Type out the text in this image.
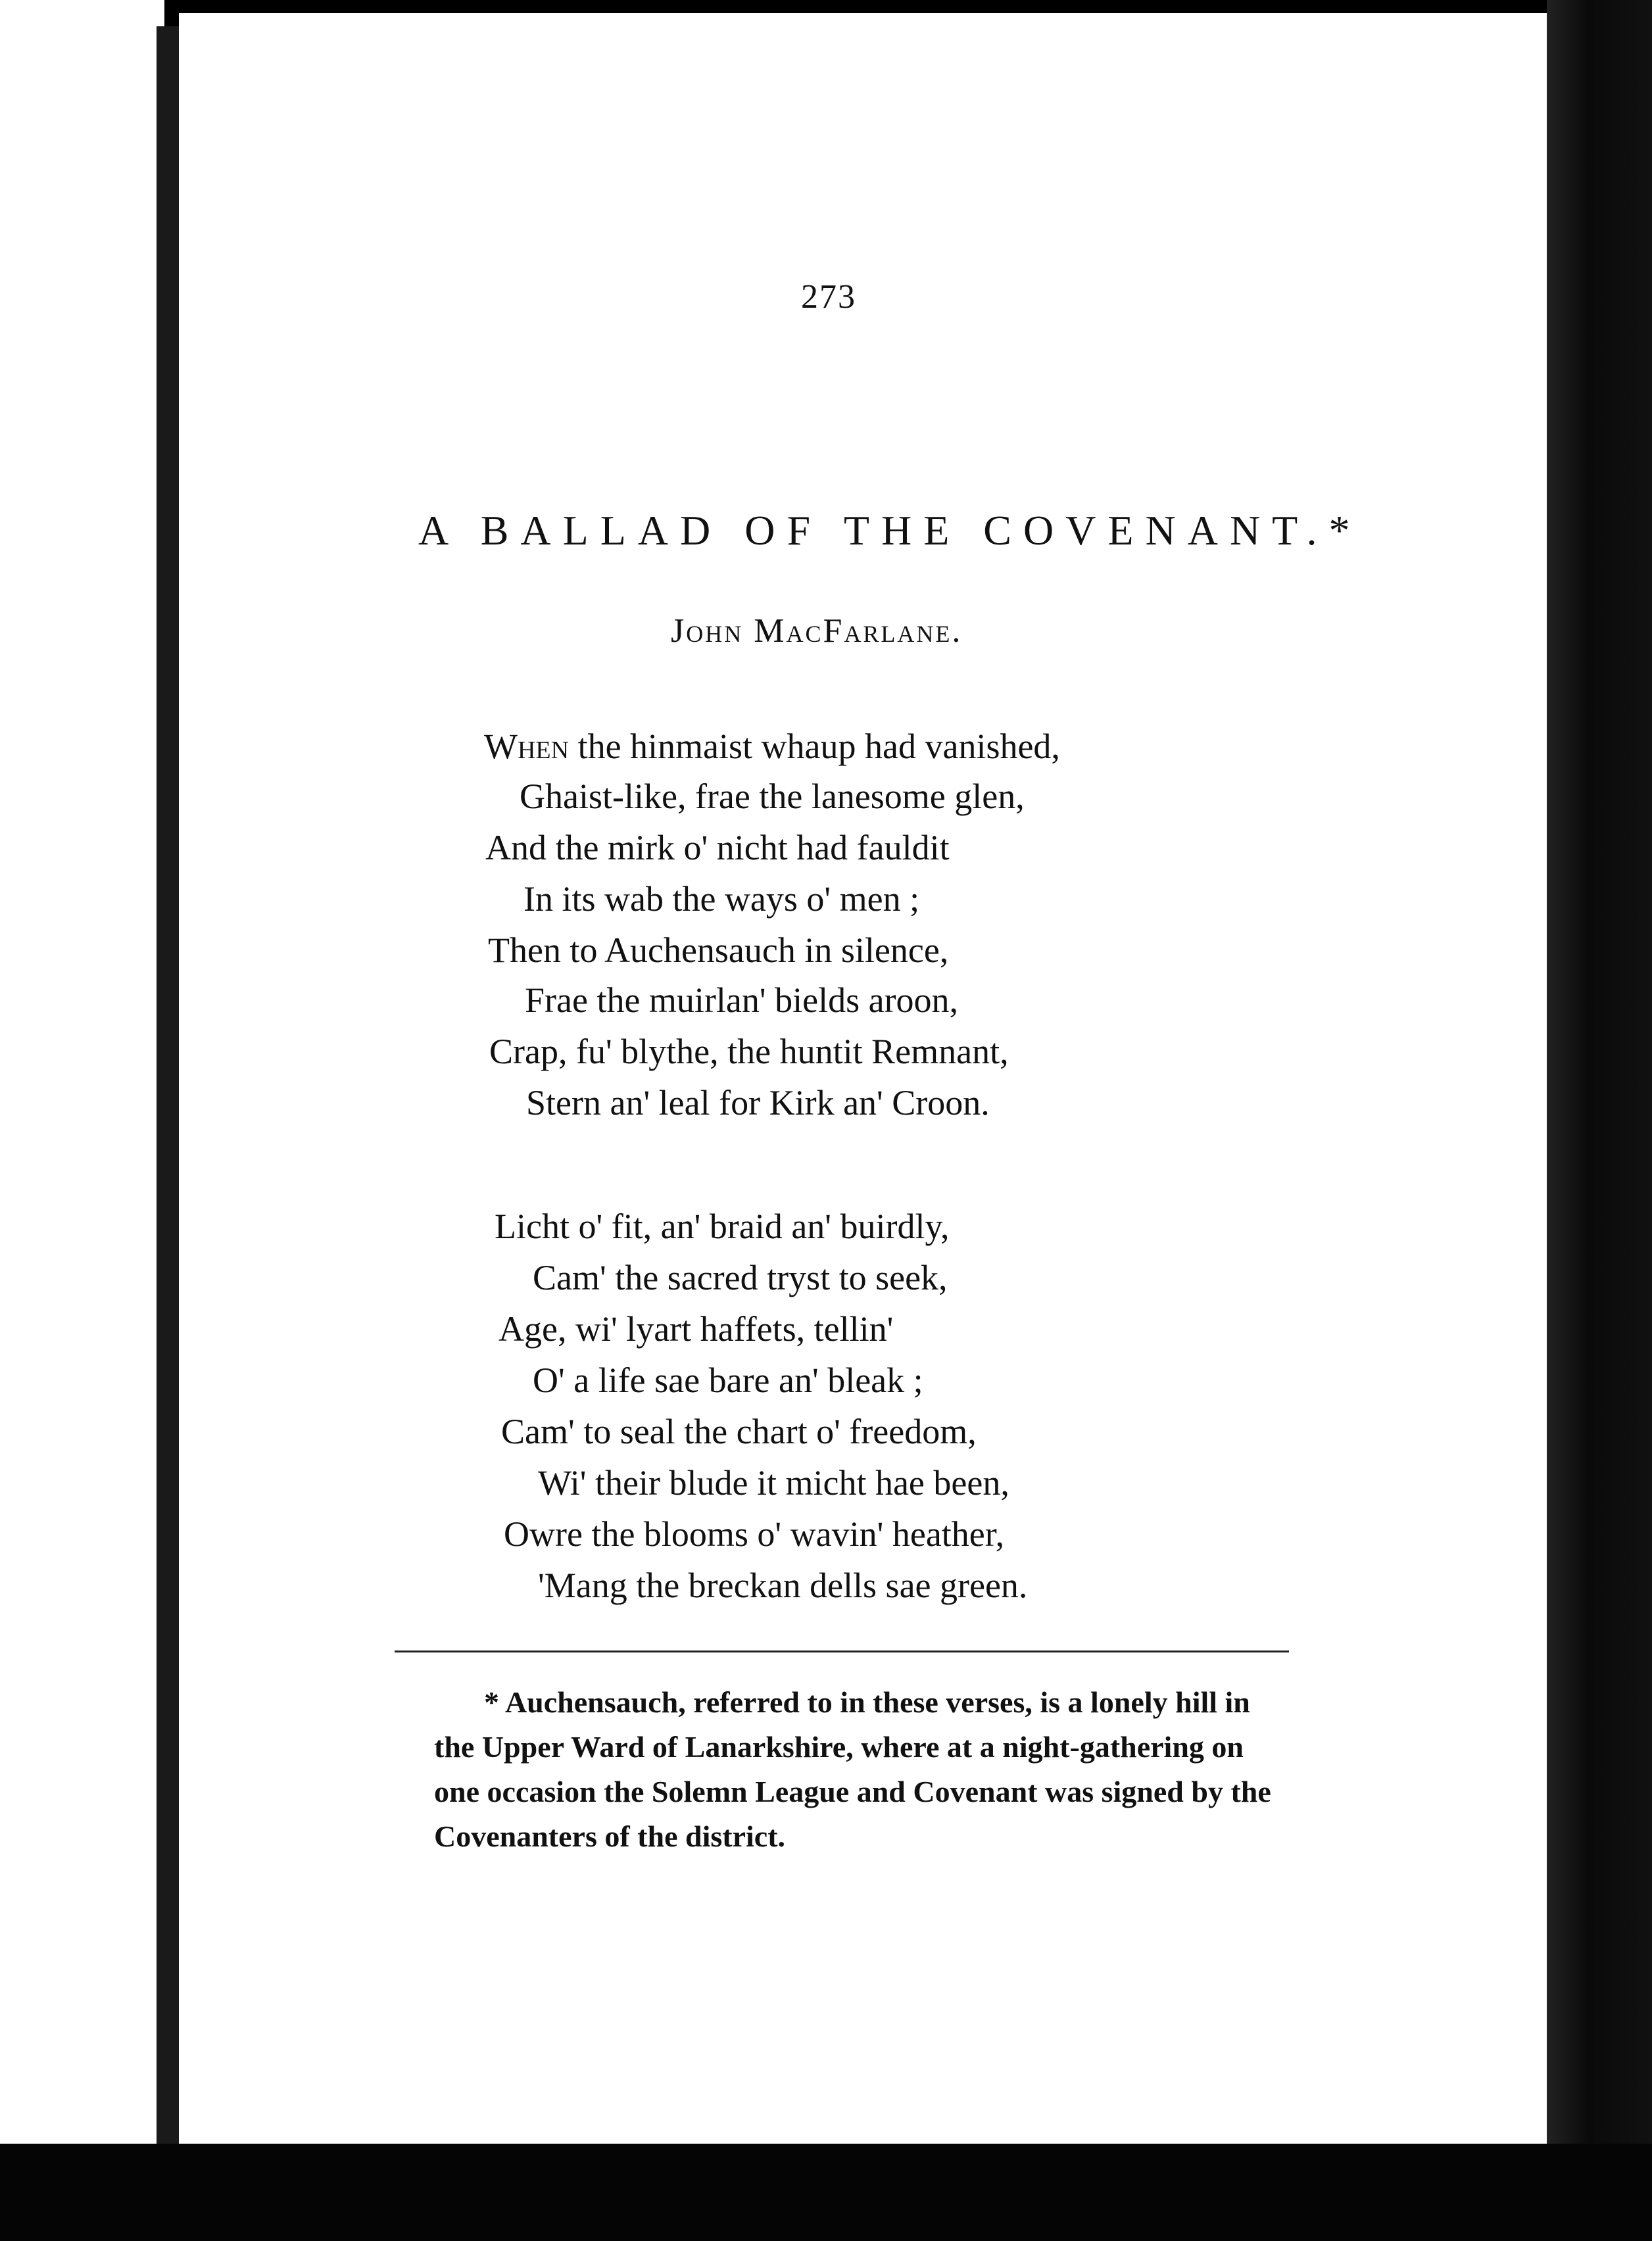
273
A BALLAD OF THE COVENANT.*
John MacFarlane.
When the hinmaist whaup had vanished,
Ghaist-like, frae the lanesome glen,
And the mirk o' nicht had fauldit
In its wab the ways o' men ;
Then to Auchensauch in silence,
Frae the muirlan' bields aroon,
Crap, fu' blythe, the huntit Remnant,
Stern an' leal for Kirk an' Croon.
Licht o' fit, an' braid an' buirdly,
Cam' the sacred tryst to seek,
Age, wi' lyart haffets, tellin'
O' a life sae bare an' bleak ;
Cam' to seal the chart o' freedom,
Wi' their blude it micht hae been,
Owre the blooms o' wavin' heather,
'Mang the breckan dells sae green.
* Auchensauch, referred to in these verses, is a lonely hill in
the Upper Ward of Lanarkshire, where at a night-gathering on
one occasion the Solemn League and Covenant was signed by the
Covenanters of the district.
